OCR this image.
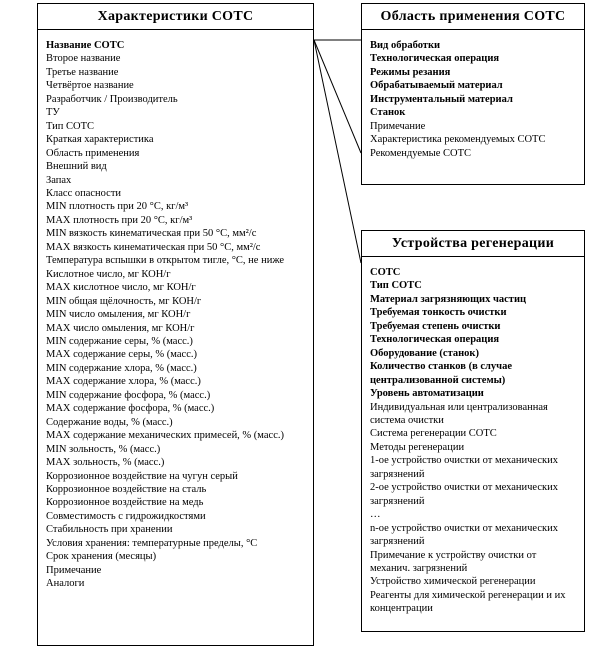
Характеристики СОТС
Название СОТС
Второе название
Третье название
Четвёртое название
Разработчик / Производитель
ТУ
Тип СОТС
Краткая характеристика
Область применения
Внешний вид
Запах
Класс опасности
MIN плотность при 20 °С, кг/м³
MAX плотность при 20 °С, кг/м³
MIN вязкость кинематическая при 50 °С, мм²/с
MAX вязкость кинематическая при 50 °С, мм²/с
Температура вспышки в открытом тигле, °С, не ниже
Кислотное число, мг КОН/г
MAX кислотное число, мг КОН/г
MIN общая щёлочность, мг КОН/г
MIN число омыления, мг КОН/г
MAX число омыления, мг КОН/г
MIN содержание серы, % (масс.)
MAX содержание серы, % (масс.)
MIN содержание хлора, % (масс.)
MAX содержание хлора, % (масс.)
MIN содержание фосфора, % (масс.)
MAX содержание фосфора, % (масс.)
Содержание воды, % (масс.)
MAX содержание механических примесей, % (масс.)
MIN зольность, % (масс.)
MAX зольность, % (масс.)
Коррозионное воздействие на чугун серый
Коррозионное воздействие на сталь
Коррозионное воздействие на медь
Совместимость с гидрожидкостями
Стабильность при хранении
Условия хранения: температурные пределы, °С
Срок хранения (месяцы)
Примечание
Аналоги
Область применения СОТС
Вид обработки
Технологическая операция
Режимы резания
Обрабатываемый материал
Инструментальный материал
Станок
Примечание
Характеристика рекомендуемых СОТС
Рекомендуемые СОТС
Устройства регенерации
СОТС
Тип СОТС
Материал загрязняющих частиц
Требуемая тонкость очистки
Требуемая степень очистки
Технологическая операция
Оборудование (станок)
Количество станков (в случае централизованной системы)
Уровень автоматизации
Индивидуальная или централизованная система очистки
Система регенерации СОТС
Методы регенерации
1-ое устройство очистки от механических загрязнений
2-ое устройство очистки от механических загрязнений
…
n-ое устройство очистки от механических загрязнений
Примечание к устройству очистки от механич. загрязнений
Устройство химической регенерации
Реагенты для химической регенерации и их концентрации
